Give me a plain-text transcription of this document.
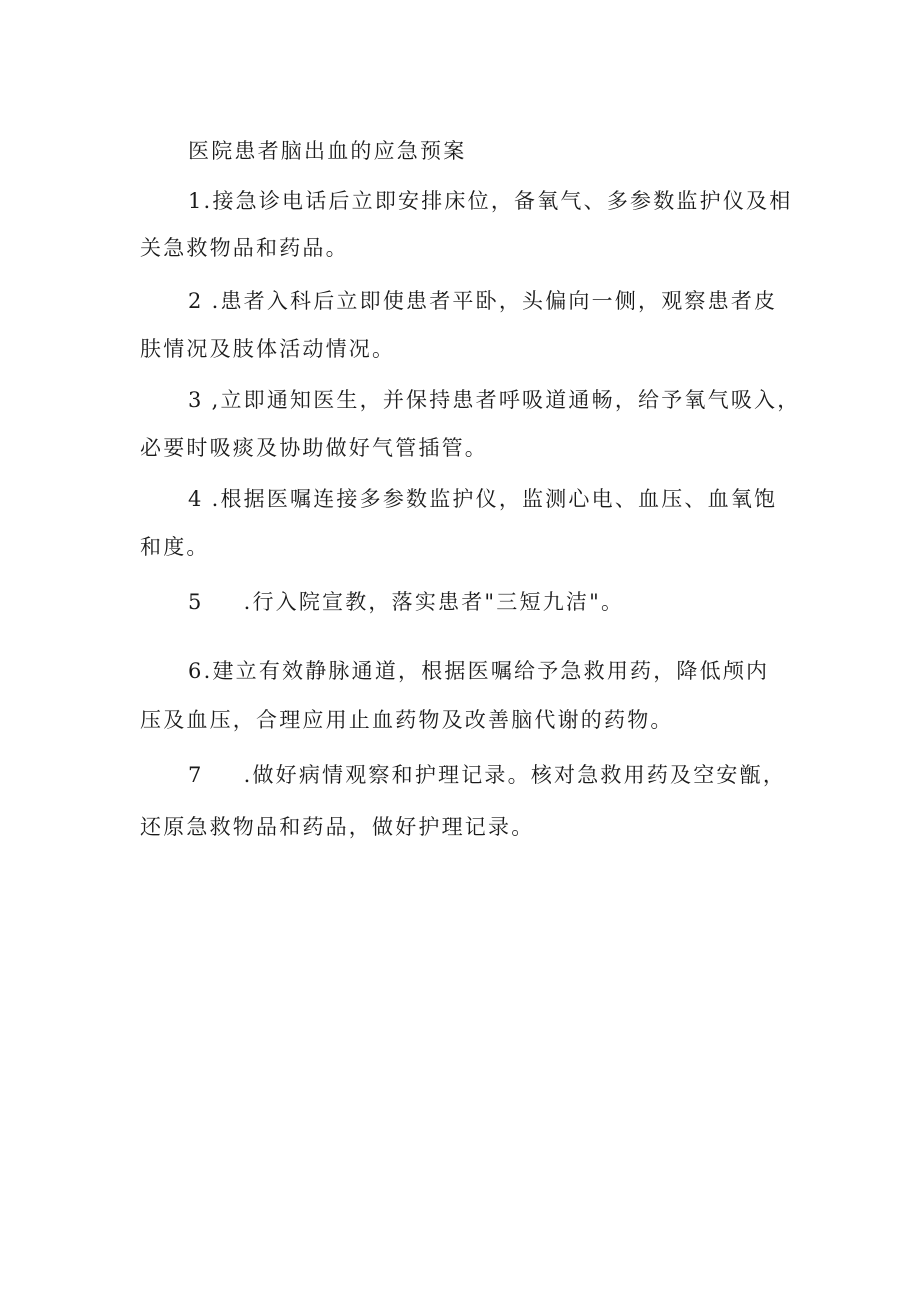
医院患者脑出血的应急预案
1.接急诊电话后立即安排床位，备氧气、多参数监护仪及相
关急救物品和药品。
2 .患者入科后立即使患者平卧，头偏向一侧，观察患者皮
肤情况及肢体活动情况。
3 ,立即通知医生，并保持患者呼吸道通畅，给予氧气吸入，
必要时吸痰及协助做好气管插管。
4 .根据医嘱连接多参数监护仪，监测心电、血压、血氧饱
和度。
5 .行入院宣教，落实患者"三短九洁"。
6.建立有效静脉通道，根据医嘱给予急救用药，降低颅内
压及血压，合理应用止血药物及改善脑代谢的药物。
7 .做好病情观察和护理记录。核对急救用药及空安甑，
还原急救物品和药品，做好护理记录。
